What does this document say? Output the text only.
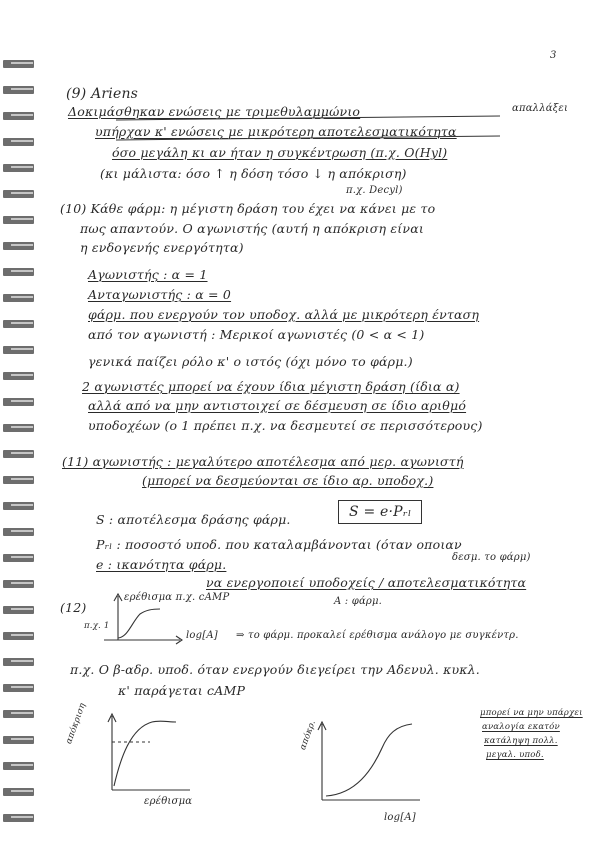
3
(9) Ariens
Δοκιμάσθηκαν ενώσεις με τριμεθυλαμμώνιο	απαλλάξει
υπήρχαν κ' ενώσεις με μικρότερη αποτελεσματικότητα
όσο μεγάλη κι αν ήταν η συγκέντρωση (π.χ. O(Hyl)
(κι μάλιστα: όσο ↑ η δόση τόσο ↓ η απόκριση)
π.χ. Decyl)
(10) Κάθε φάρμ: η μέγιστη δράση του έχει να κάνει με το
πως απαντούν. Ο αγωνιστής (αυτή η απόκριση είναι
η ενδογενής ενεργότητα)
Αγωνιστής : α = 1
Ανταγωνιστής : α = 0
φάρμ. που ενεργούν τον υποδοχ. αλλά με μικρότερη ένταση
από τον αγωνιστή : Μερικοί αγωνιστές (0 < α < 1)
γενικά παίζει ρόλο κ' ο ιστός (όχι μόνο το φάρμ.)
2 αγωνιστές μπορεί να έχουν ίδια μέγιστη δράση (ίδια α)
αλλά από να μην αντιστοιχεί σε δέσμευση σε ίδιο αριθμό
υποδοχέων (ο 1 πρέπει π.χ. να δεσμευτεί σε περισσότερους)
(11) αγωνιστής : μεγαλύτερο αποτέλεσμα από μερ. αγωνιστή
(μπορεί να δεσμεύονται σε ίδιο αρ. υποδοχ.)
S : αποτέλεσμα δράσης φάρμ.	S = e·Pᵣₗ
Pᵣₗ : ποσοστό υποδ. που καταλαμβάνονται (όταν οποιαν
δεσμ. το φάρμ)
e : ικανότητα φάρμ.
να ενεργοποιεί υποδοχείς / αποτελεσματικότητα
(12)
ερέθισμα π.χ. cAMP	A : φάρμ.
π.χ. 1
log[A] ⇒ το φάρμ. προκαλεί ερέθισμα ανάλογο με συγκέντρ.
π.χ. O β-αδρ. υποδ. όταν ενεργούν διεγείρει την Αδενυλ. κυκλ.
κ' παράγεται cAMP
απόκριση
ερέθισμα
απόκρ.
log[A]
μπορεί να μην υπάρχει
αναλογία εκατόν
κατάληψη πολλ.
μεγαλ. υποδ.
